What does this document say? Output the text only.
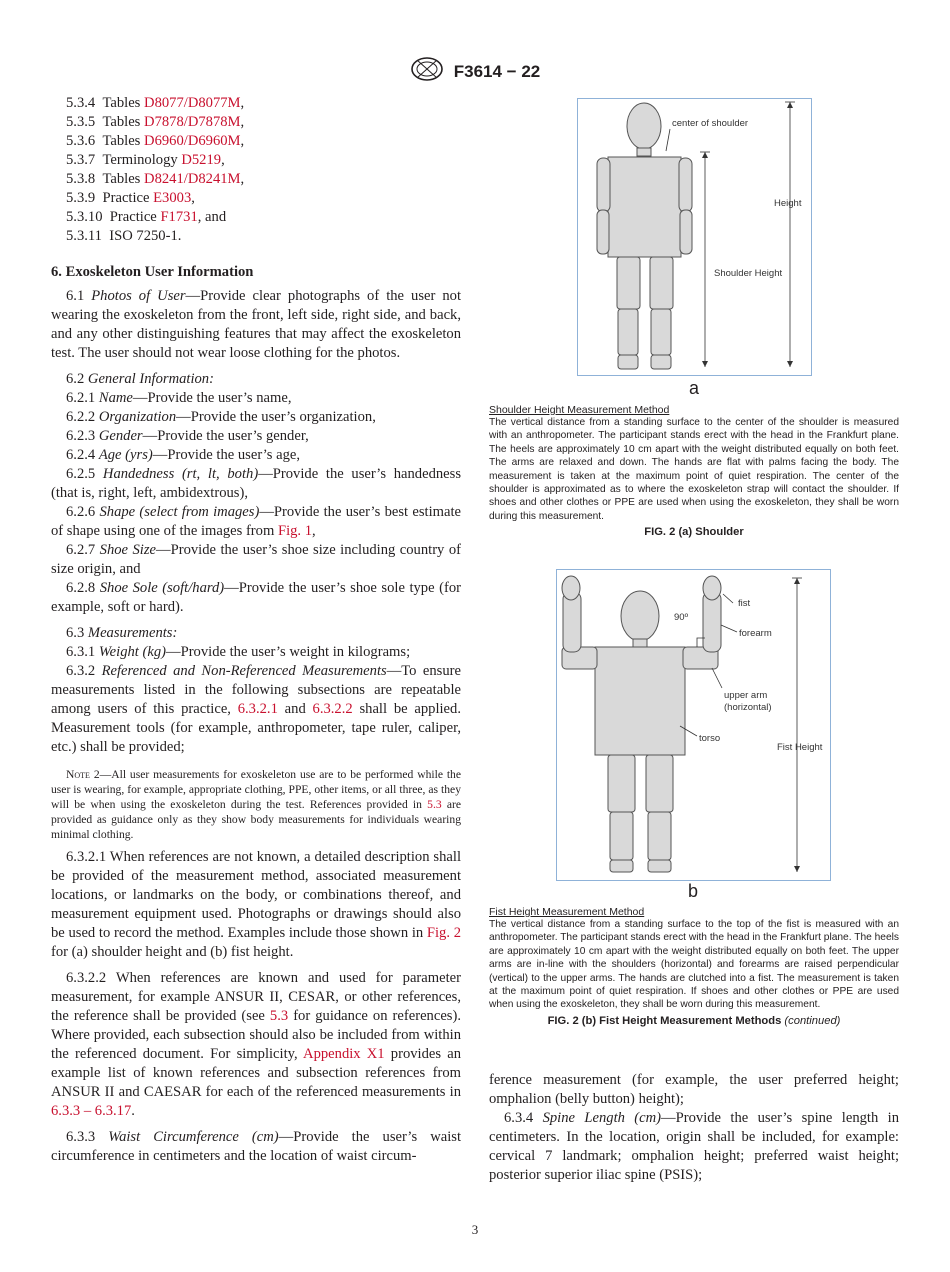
F3614 − 22

5.3.4 Tables D8077/D8077M,

5.3.5 Tables D7878/D7878M,

5.3.6 Tables D6960/D6960M,

5.3.7 Terminology D5219,

5.3.8 Tables D8241/D8241M,

5.3.9 Practice E3003,

5.3.10 Practice F1731, and

5.3.11 ISO 7250-1.

6. Exoskeleton User Information

6.1 Photos of User—Provide clear photographs of the user not wearing the exoskeleton from the front, left side, right side, and back, and any other distinguishing features that may affect the exoskeleton test. The user should not wear loose clothing for the photos.

6.2 General Information:

6.2.1 Name—Provide the user’s name,

6.2.2 Organization—Provide the user’s organization,

6.2.3 Gender—Provide the user’s gender,

6.2.4 Age (yrs)—Provide the user’s age,

6.2.5 Handedness (rt, lt, both)—Provide the user’s handedness (that is, right, left, ambidextrous),

6.2.6 Shape (select from images)—Provide the user’s best estimate of shape using one of the images from Fig. 1,

6.2.7 Shoe Size—Provide the user’s shoe size including country of size origin, and

6.2.8 Shoe Sole (soft/hard)—Provide the user’s shoe sole type (for example, soft or hard).

6.3 Measurements:

6.3.1 Weight (kg)—Provide the user’s weight in kilograms;

6.3.2 Referenced and Non-Referenced Measurements—To ensure measurements listed in the following subsections are repeatable among users of this practice, 6.3.2.1 and 6.3.2.2 shall be applied. Measurement tools (for example, anthropometer, tape ruler, caliper, etc.) shall be provided;

Note 2—All user measurements for exoskeleton use are to be performed while the user is wearing, for example, appropriate clothing, PPE, other items, or all three, as they will be when using the exoskeleton during the test. References provided in 5.3 are provided as guidance only as they show body measurements for individuals wearing minimal clothing.

6.3.2.1 When references are not known, a detailed description shall be provided of the measurement method, associated measurement locations, or landmarks on the body, or combinations thereof, and measurement equipment used. Photographs or drawings should also be used to record the method. Examples include those shown in Fig. 2 for (a) shoulder height and (b) fist height.

6.3.2.2 When references are known and used for parameter measurement, for example ANSUR II, CESAR, or other references, the reference shall be provided (see 5.3 for guidance on references). Where provided, each subsection should also be included from within the referenced document. For simplicity, Appendix X1 provides an example list of known references and subsection references from ANSUR II and CAESAR for each of the referenced measurements in 6.3.3 – 6.3.17.

6.3.3 Waist Circumference (cm)—Provide the user’s waist circumference in centimeters and the location of waist circum-

center of shoulder
Height
Shoulder Height
a
Shoulder Height Measurement Method
The vertical distance from a standing surface to the center of the shoulder is measured with an anthropometer. The participant stands erect with the head in the Frankfurt plane. The heels are approximately 10 cm apart with the weight distributed equally on both feet. The arms are relaxed and down. The hands are flat with palms facing the body. The measurement is taken at the maximum point of quiet respiration. The center of the shoulder is approximated as to where the exoskeleton strap will contact the shoulder. If shoes and other clothes or PPE are used when using the exoskeleton, they shall be worn during this measurement.
FIG. 2 (a) Shoulder
fist
90º
forearm
upper arm
(horizontal)
torso
Fist Height
b
Fist Height Measurement Method
The vertical distance from a standing surface to the top of the fist is measured with an anthropometer. The participant stands erect with the head in the Frankfurt plane. The heels are approximately 10 cm apart with the weight distributed equally on both feet. The upper arms are in-line with the shoulders (horizontal) and forearms are raised perpendicular (vertical) to the upper arms. The hands are clutched into a fist. The measurement is taken at the maximum point of quiet respiration. If shoes and other clothes or PPE are used when using the exoskeleton, they shall be worn during this measurement.
FIG. 2 (b) Fist Height Measurement Methods (continued)

ference measurement (for example, the user preferred height; omphalion (belly button) height);

6.3.4 Spine Length (cm)—Provide the user’s spine length in centimeters. In the location, origin shall be included, for example: cervical 7 landmark; omphalion height; preferred waist height; posterior superior iliac spine (PSIS);

3
